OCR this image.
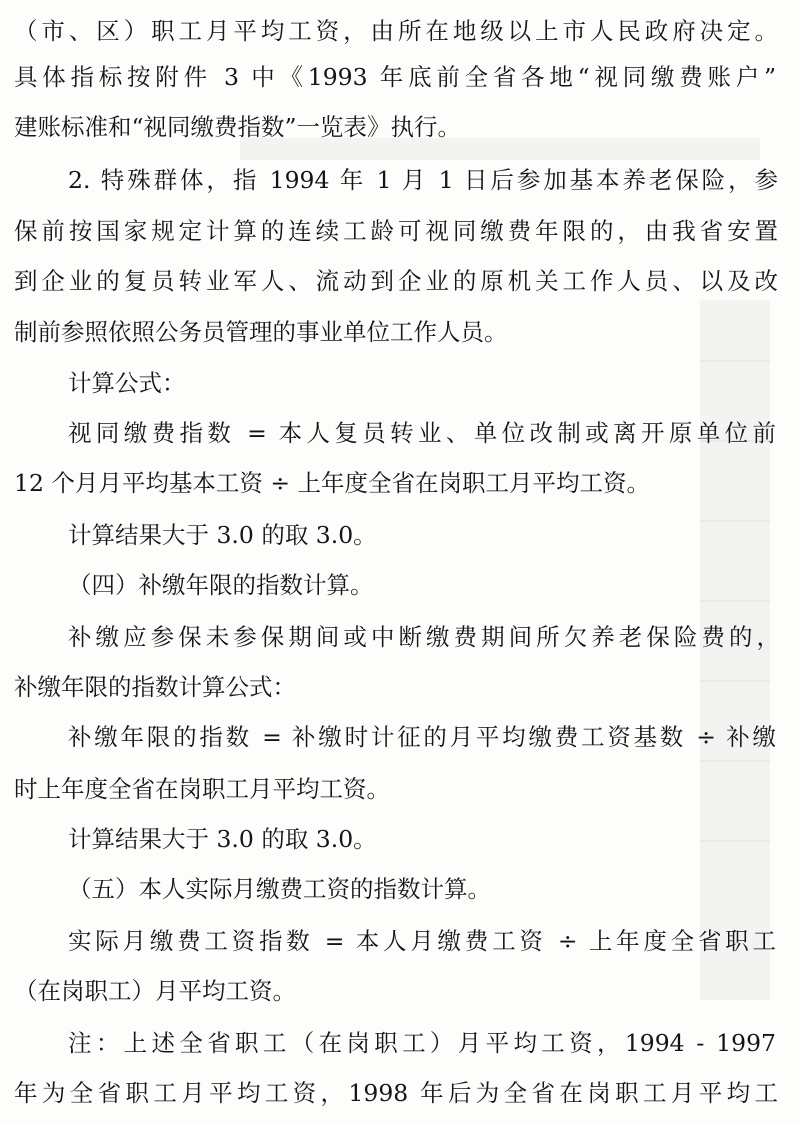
（市、区）职工月平均工资，由所在地级以上市人民政府决定。
具体指标按附件 3 中《1993 年底前全省各地“视同缴费账户”
建账标准和“视同缴费指数”一览表》执行。
2. 特殊群体，指 1994 年 1 月 1 日后参加基本养老保险，参
保前按国家规定计算的连续工龄可视同缴费年限的，由我省安置
到企业的复员转业军人、流动到企业的原机关工作人员、以及改
制前参照依照公务员管理的事业单位工作人员。
计算公式：
视同缴费指数 = 本人复员转业、单位改制或离开原单位前
12 个月月平均基本工资 ÷ 上年度全省在岗职工月平均工资。
计算结果大于 3.0 的取 3.0。
（四）补缴年限的指数计算。
补缴应参保未参保期间或中断缴费期间所欠养老保险费的，
补缴年限的指数计算公式：
补缴年限的指数 = 补缴时计征的月平均缴费工资基数 ÷ 补缴
时上年度全省在岗职工月平均工资。
计算结果大于 3.0 的取 3.0。
（五）本人实际月缴费工资的指数计算。
实际月缴费工资指数 = 本人月缴费工资 ÷ 上年度全省职工
（在岗职工）月平均工资。
注：上述全省职工（在岗职工）月平均工资，1994 - 1997
年为全省职工月平均工资，1998 年后为全省在岗职工月平均工
